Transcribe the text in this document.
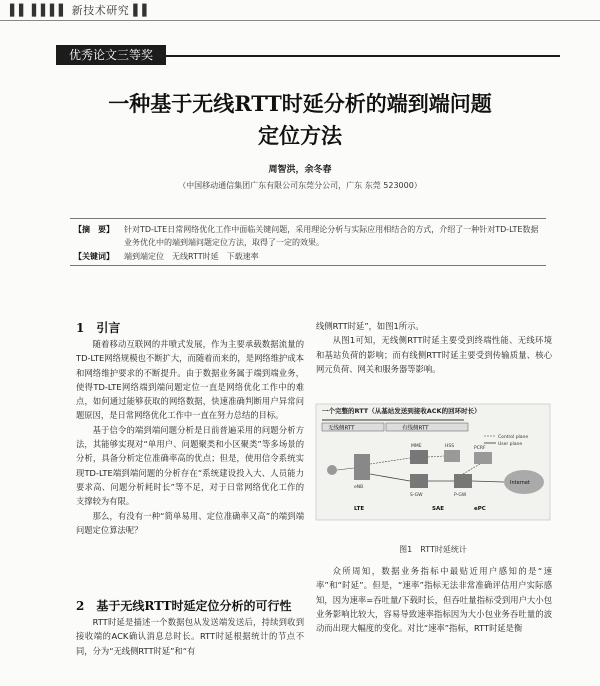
▌▌ ▌▌▌▌ 新技术研究 ▌▌
优秀论文三等奖
一种基于无线RTT时延分析的端到端问题
定位方法
周智洪，余冬春
（中国移动通信集团广东有限公司东莞分公司，广东 东莞 523000）
【摘　要】	针对TD-LTE日常网络优化工作中面临关键问题，采用理论分析与实际应用相结合的方式，介绍了一种针对TD-LTE数据业务优化中的端到端问题定位方法，取得了一定的效果。
【关键词】	端到端定位　无线RTT时延　下载速率
1　引言

随着移动互联网的井喷式发展，作为主要承载数据流量的TD-LTE网络规模也不断扩大，而随着而来的，是网络维护成本和网络维护要求的不断提升。由于数据业务属于端到端业务，使得TD-LTE网络端到端问题定位一直是网络优化工作中的难点，如何通过能够获取的网络数据，快速准确判断用户异常问题原因，是日常网络优化工作中一直在努力总结的目标。

基于信令的端到端问题分析是日前普遍采用的问题分析方法，其能够实现对“单用户、问题聚类和小区聚类”等多场景的分析，具备分析定位准确率高的优点；但是，使用信令系统实现TD-LTE端到端问题的分析存在“系统建设投入大、人员能力要求高、问题分析耗时长”等不足，对于日常网络优化工作的支撑较为有限。

那么，有没有一种“简单易用、定位准确率又高”的端到端问题定位算法呢？

2　基于无线RTT时延定位分析的可行性

RTT时延是描述一个数据包从发送端发送后，持续到收到接收端的ACK确认消息总时长。RTT时延根据统计的节点不同，分为“无线侧RTT时延”和“有

线侧RTT时延”，如图1所示。

从图1可知，无线侧RTT时延主要受到终端性能、无线环境和基站负荷的影响；而有线侧RTT时延主要受到传输质量、核心网元负荷、网关和服务器等影响。

一个完整的RTT（从基站发送到接收ACK的回环时长）
无线侧RTT	有线侧RTT
Control plane
User plane
eNB
MME
S-GW	P-GW
HSS	PCRF
Internet
LTE	SAE	ePC
图1　RTT时延统计

众所周知，数据业务指标中最贴近用户感知的是“速率”和“时延”。但是，“速率”指标无法非常准确评估用户实际感知，因为速率=吞吐量/下载时长，但吞吐量指标受到用户大小包业务影响比较大，容易导致速率指标因为大小包业务吞吐量的波动而出现大幅度的变化。对比“速率”指标，RTT时延是衡
